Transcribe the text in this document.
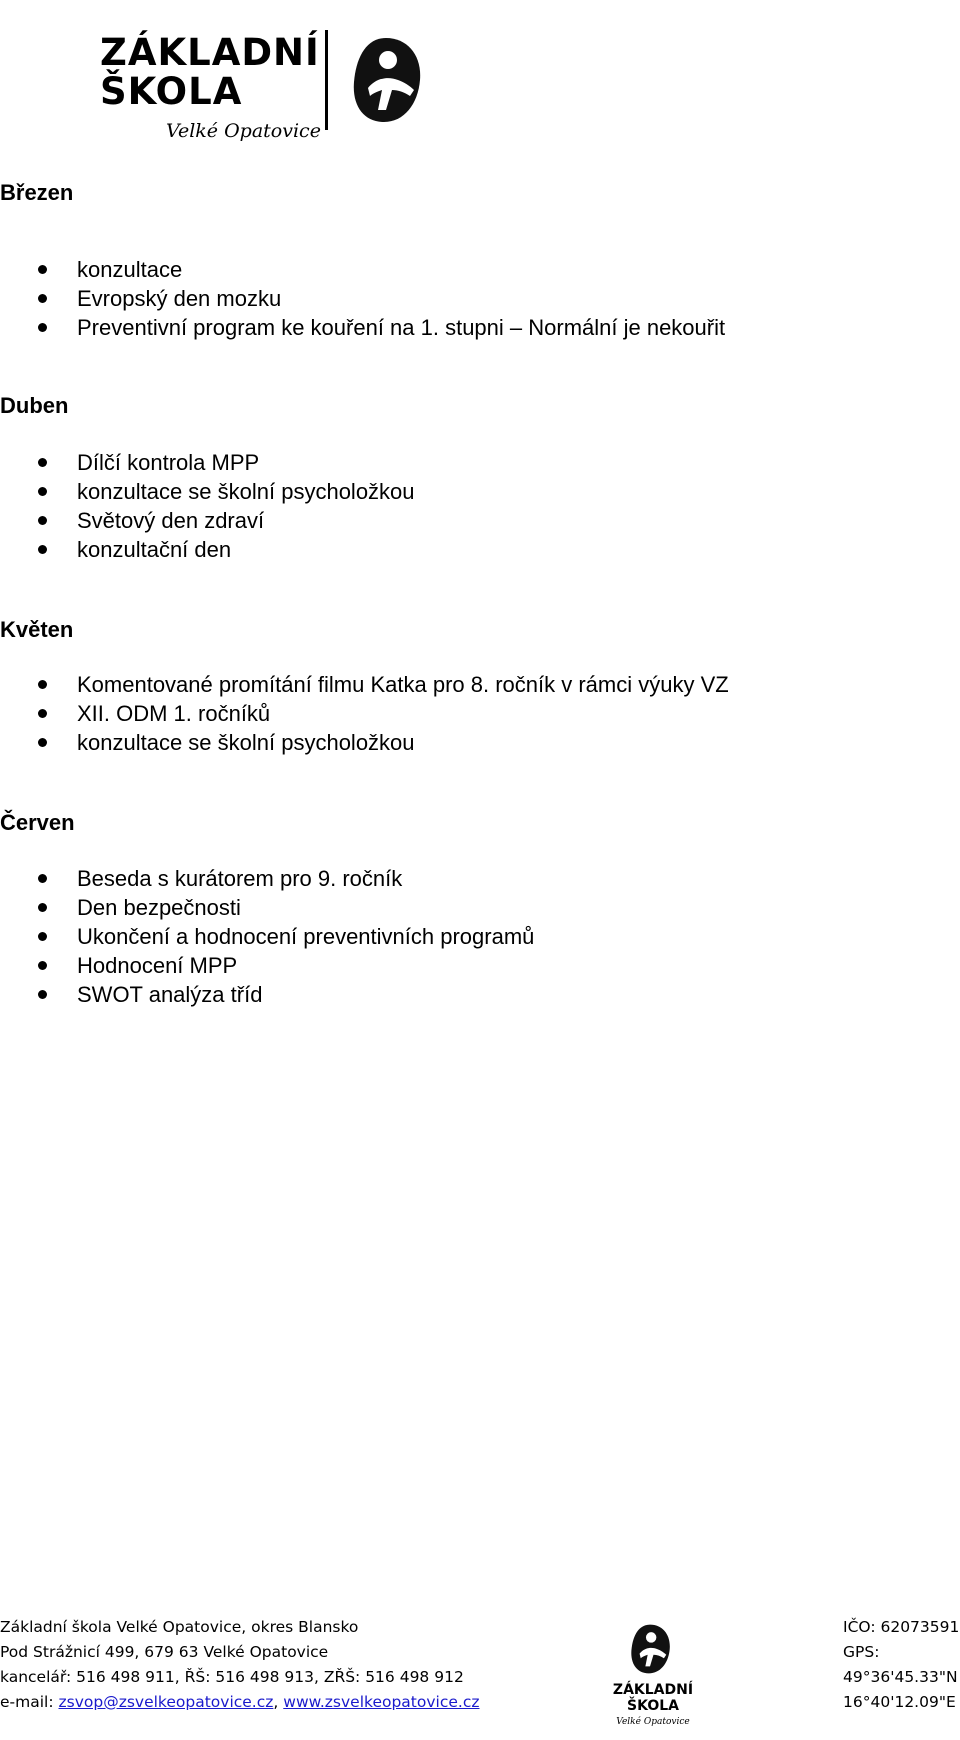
ZÁKLADNÍ
ŠKOLA
Velké Opatovice
Březen
konzultace
Evropský den mozku
Preventivní program ke kouření na 1. stupni – Normální je nekouřit
Duben
Dílčí kontrola MPP
konzultace se školní psycholožkou
Světový den zdraví
konzultační den
Květen
Komentované promítání filmu Katka pro 8. ročník v rámci výuky VZ
XII. ODM 1. ročníků
konzultace se školní psycholožkou
Červen
Beseda s kurátorem pro 9. ročník
Den bezpečnosti
Ukončení a hodnocení preventivních programů
Hodnocení MPP
SWOT analýza tříd
Základní škola Velké Opatovice, okres Blansko
Pod Strážnicí 499, 679 63 Velké Opatovice
kancelář: 516 498 911, ŘŠ: 516 498 913, ZŘŠ: 516 498 912
e-mail: zsvop@zsvelkeopatovice.cz, www.zsvelkeopatovice.cz
ZÁKLADNÍ
ŠKOLA
Velké Opatovice
IČO: 62073591
GPS:
49°36'45.33"N
16°40'12.09"E
